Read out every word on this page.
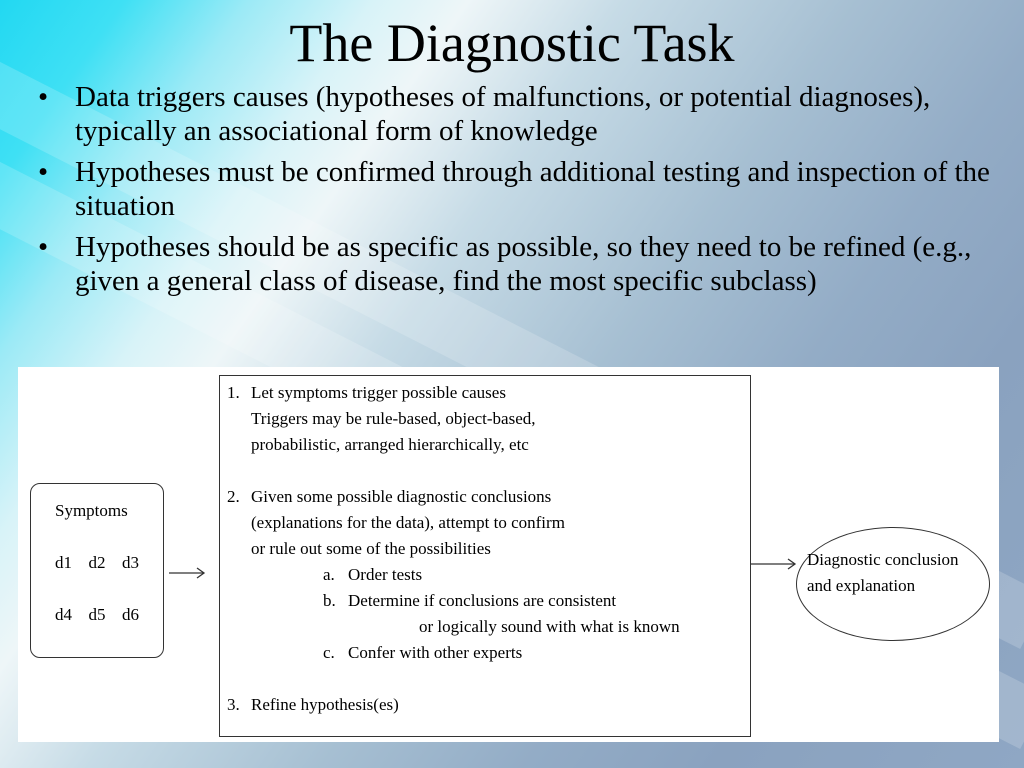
The Diagnostic Task
• Data triggers causes (hypotheses of malfunctions, or potential diagnoses), typically an associational form of knowledge
• Hypotheses must be confirmed through additional testing and inspection of the situation
• Hypotheses should be as specific as possible, so they need to be refined (e.g., given a general class of disease, find the most specific subclass)
Symptoms
d1  d2  d3
d4  d5  d6
1. Let symptoms trigger possible causes
Triggers may be rule-based, object-based,
probabilistic, arranged hierarchically, etc
2. Given some possible diagnostic conclusions
(explanations for the data), attempt to confirm
or rule out some of the possibilities
a. Order tests
b. Determine if conclusions are consistent
or logically sound with what is known
c. Confer with other experts
3. Refine hypothesis(es)
Diagnostic conclusion
and explanation
